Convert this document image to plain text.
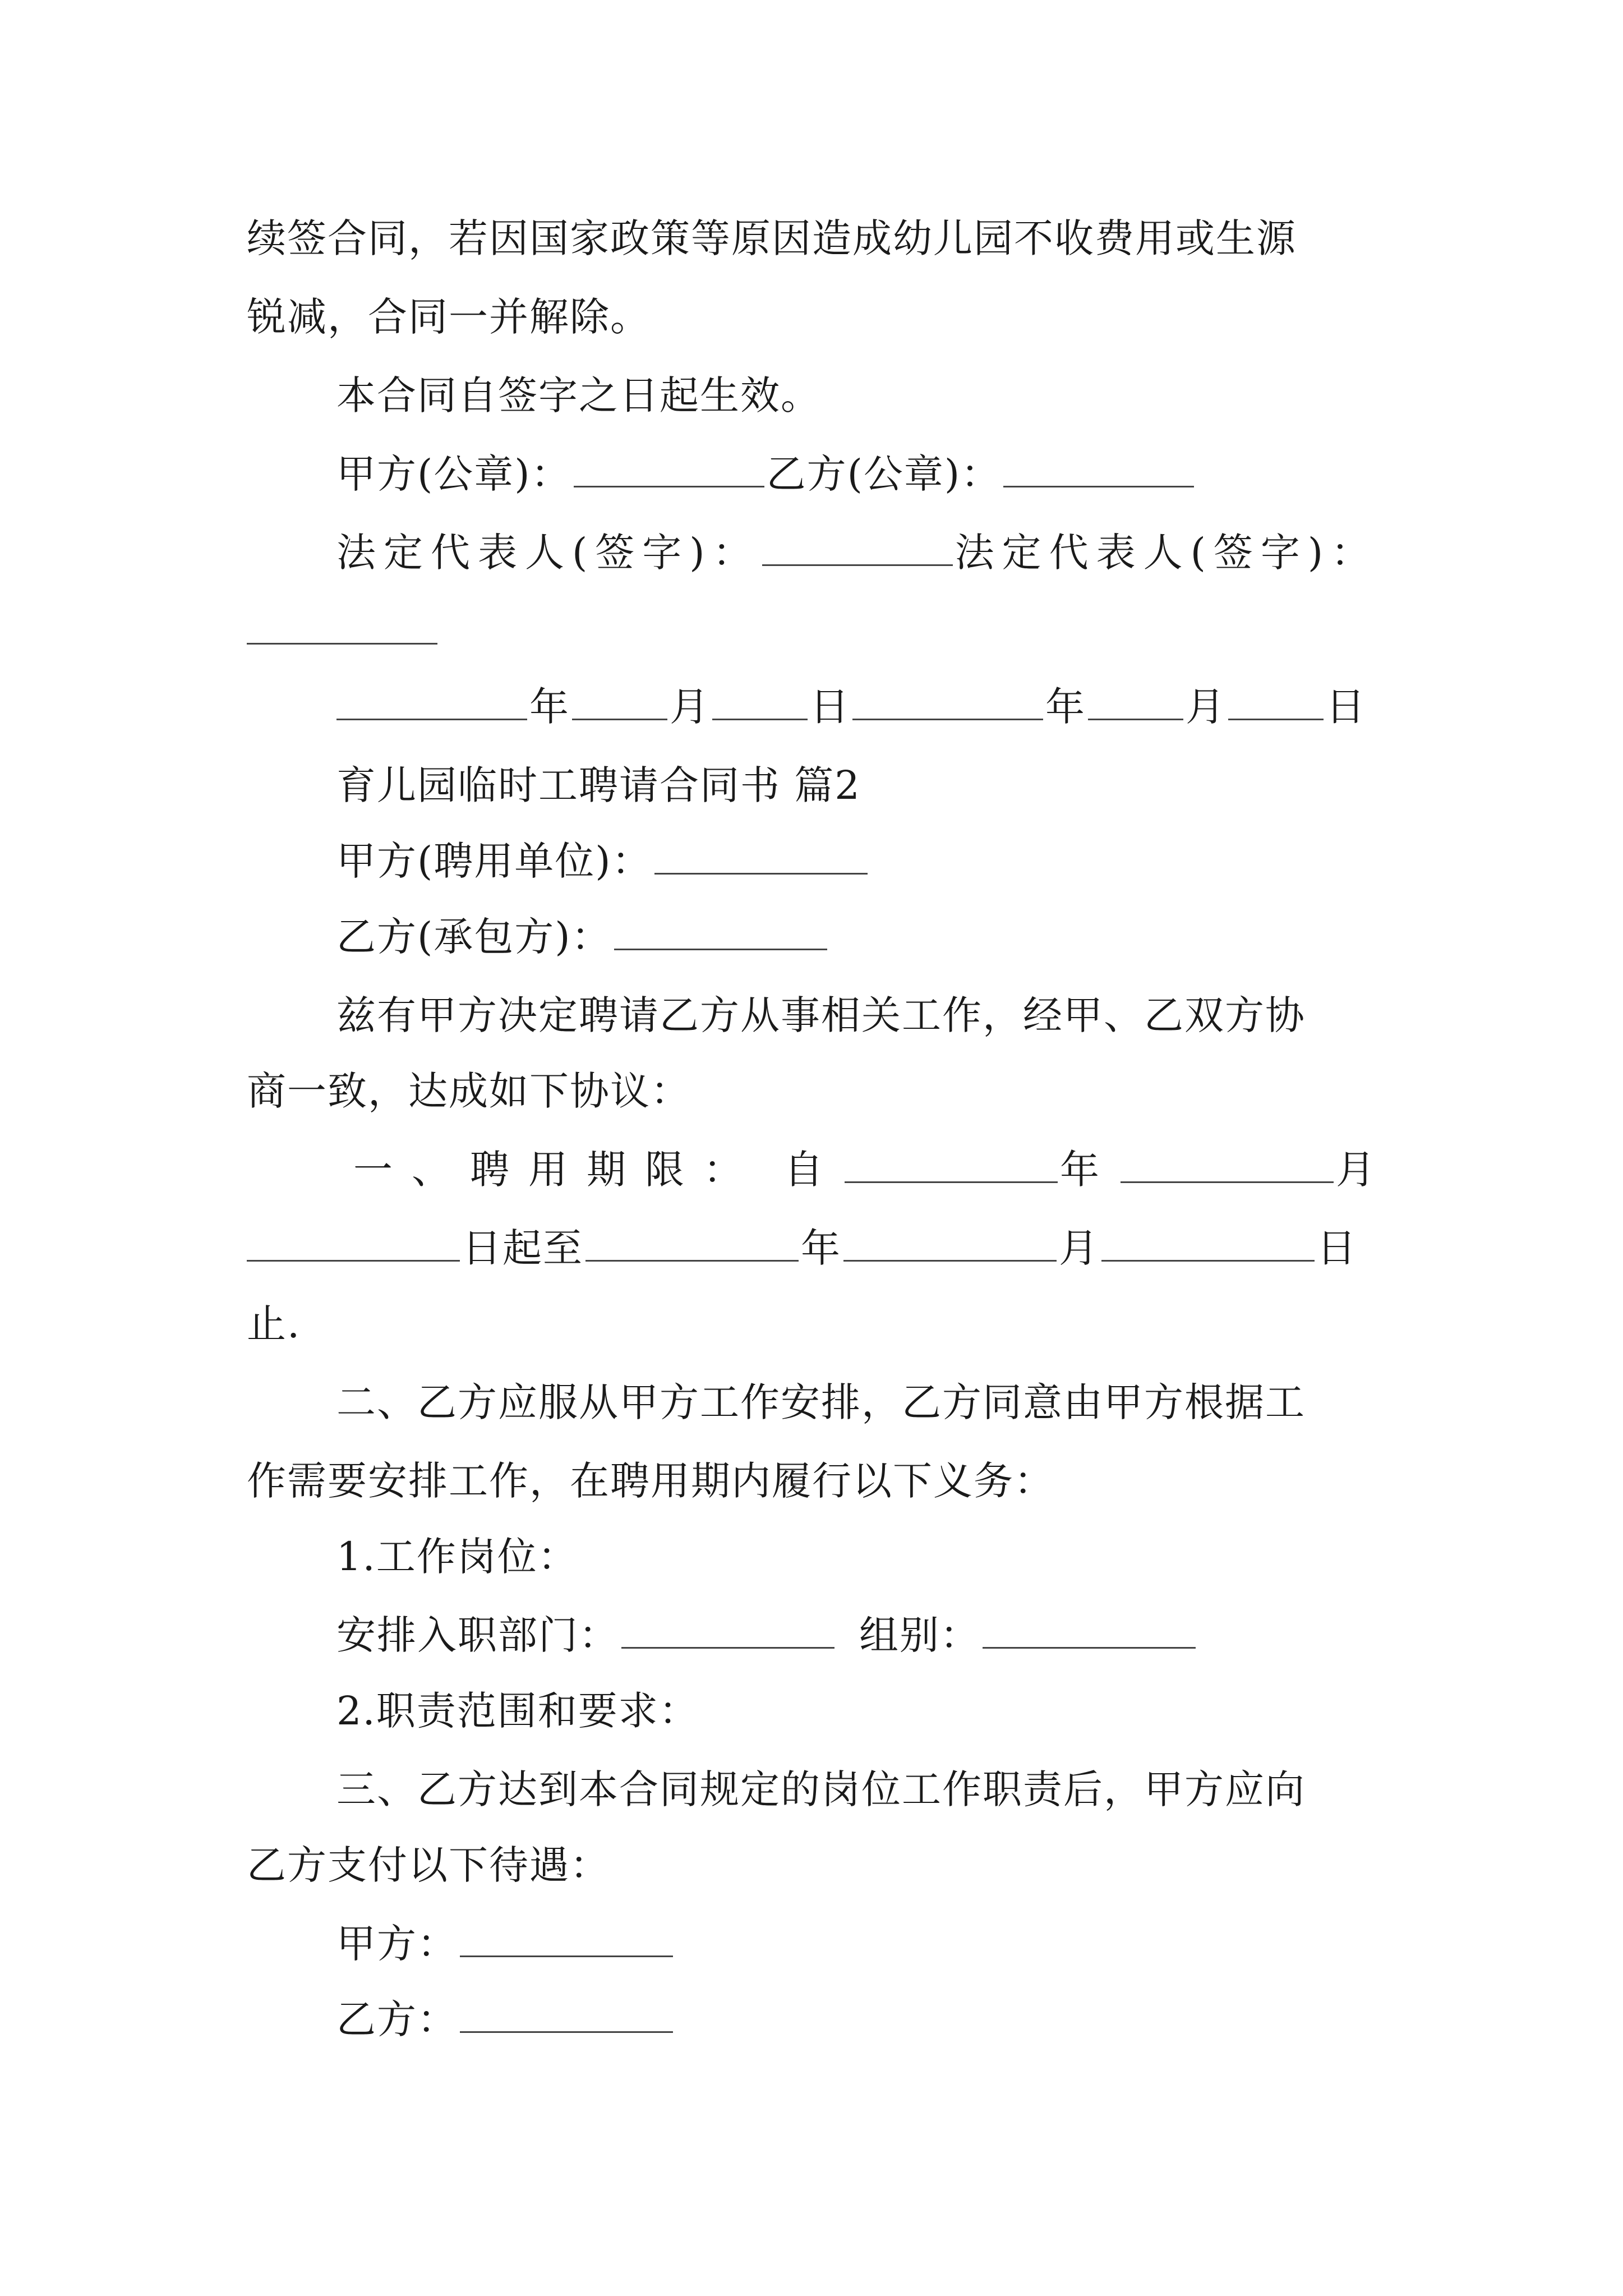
续签合同，若因国家政策等原因造成幼儿园不收费用或生源
锐减，合同一并解除。
本合同自签字之日起生效。
甲方(公章)：	乙方(公章)：
法定代表人(签字)：	法定代表人(签字)：
年	月	日	年	月	日
育儿园临时工聘请合同书 篇2
甲方(聘用单位)：
乙方(承包方)：
兹有甲方决定聘请乙方从事相关工作，经甲、乙双方协
商一致，达成如下协议：
一、聘用期限： 自	年	月
日起至	年	月	日
止.
二、乙方应服从甲方工作安排，乙方同意由甲方根据工
作需要安排工作，在聘用期内履行以下义务：
1.工作岗位：
安排入职部门：	组别：
2.职责范围和要求：
三、乙方达到本合同规定的岗位工作职责后，甲方应向
乙方支付以下待遇：
甲方：
乙方：
